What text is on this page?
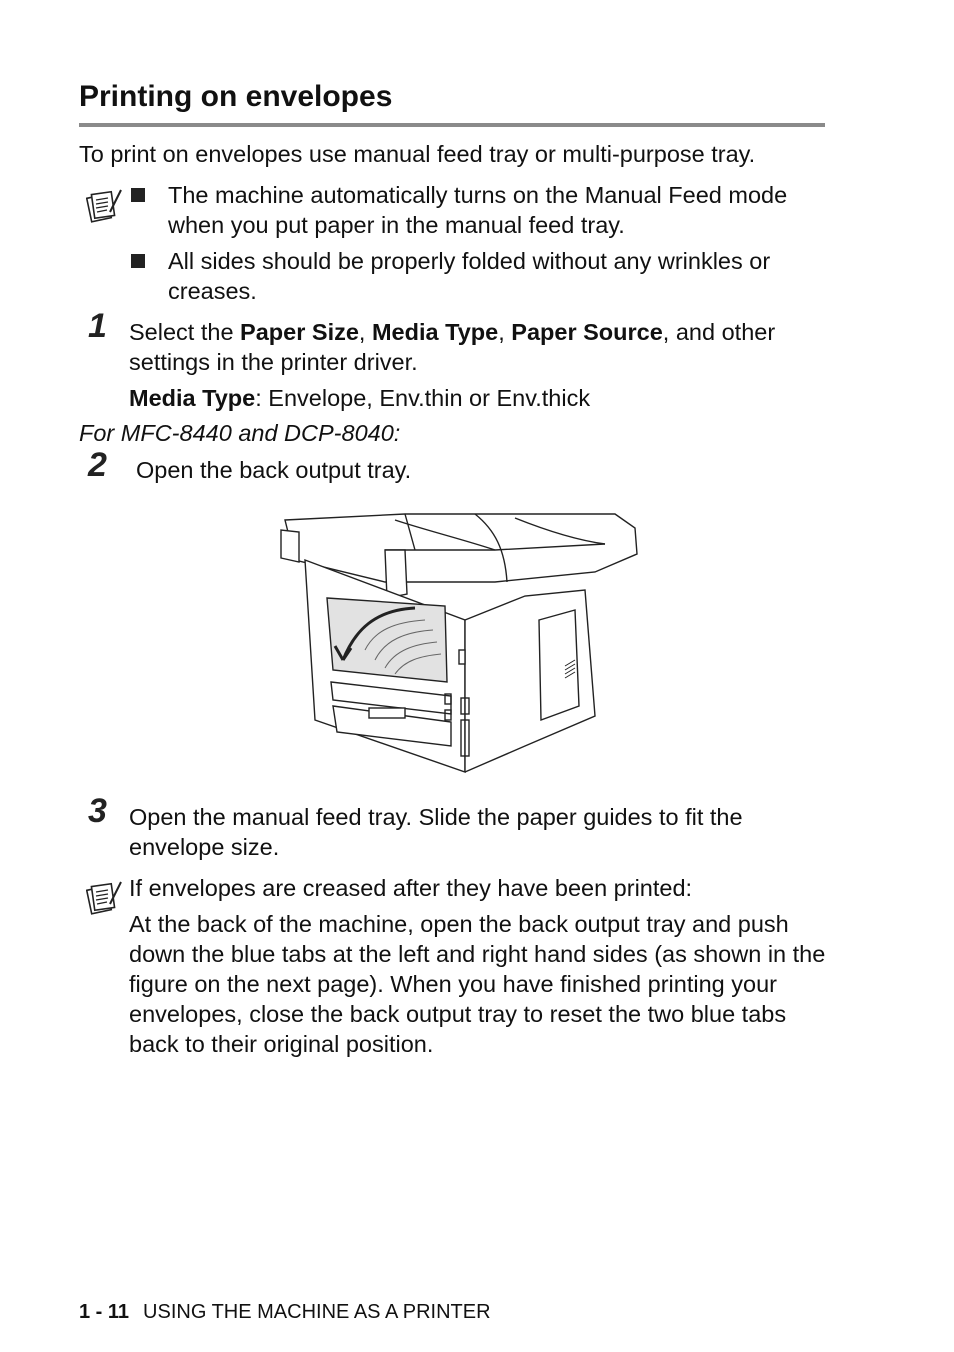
Printing on envelopes
To print on envelopes use manual feed tray or multi-purpose tray.
The machine automatically turns on the Manual Feed mode when you put paper in the manual feed tray.
All sides should be properly folded without any wrinkles or creases.
1 Select the Paper Size, Media Type, Paper Source, and other settings in the printer driver.
Media Type: Envelope, Env.thin or Env.thick
For MFC-8440 and DCP-8040:
2 Open the back output tray.
3 Open the manual feed tray. Slide the paper guides to fit the envelope size.
If envelopes are creased after they have been printed:
At the back of the machine, open the back output tray and push down the blue tabs at the left and right hand sides (as shown in the figure on the next page). When you have finished printing your envelopes, close the back output tray to reset the two blue tabs back to their original position.
1 - 11 USING THE MACHINE AS A PRINTER
